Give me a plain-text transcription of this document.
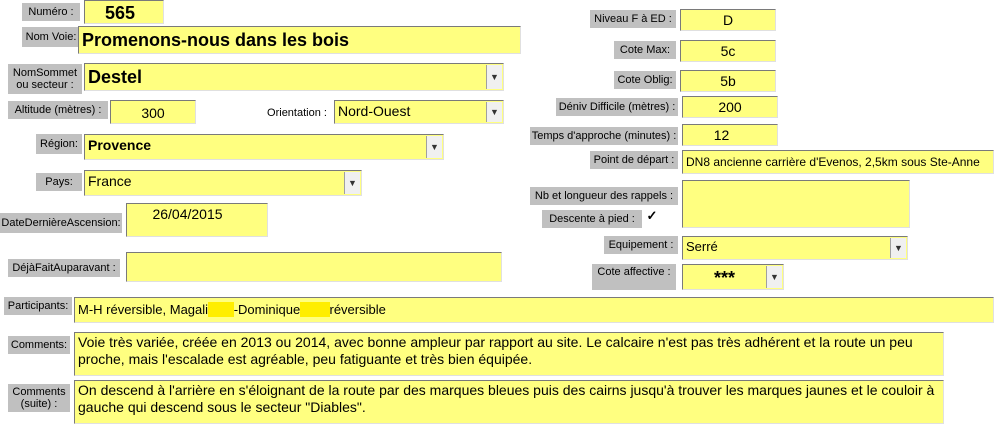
Numéro :	565
Nom Voie: Promenons-nous dans les bois
NomSommet
ou secteur : Destel	▼
Altitude (mètres) :	300	Orientation : Nord-Ouest	▼
Région: Provence	▼
Pays:	France	▼
DateDernièreAscension:
26/04/2015
DéjàFaitAuparavant :
Participants: M-H réversible, Magali -Dominique réversible
Comments: Voie très variée, créée en 2013 ou 2014, avec bonne ampleur par rapport au site. Le calcaire n'est pas très adhérent et la route un peu proche, mais l'escalade est agréable, peu fatiguante et très bien équipée.
Comments
(suite) :
On descend à l'arrière en s'éloignant de la route par des marques bleues puis des cairns jusqu'à trouver les marques jaunes et le couloir à gauche qui descend sous le secteur "Diables".
Niveau F à ED :	D
Cote Max:	5c
Cote Oblig:	5b
Déniv Difficile (mètres) :	200
Temps d'approche (minutes) :	12
Point de départ : DN8 ancienne carrière d'Evenos, 2,5km sous Ste-Anne
Nb et longueur des rappels :
Descente à pied : ✓
Equipement : Serré	▼
Cote affective :	***	▼
